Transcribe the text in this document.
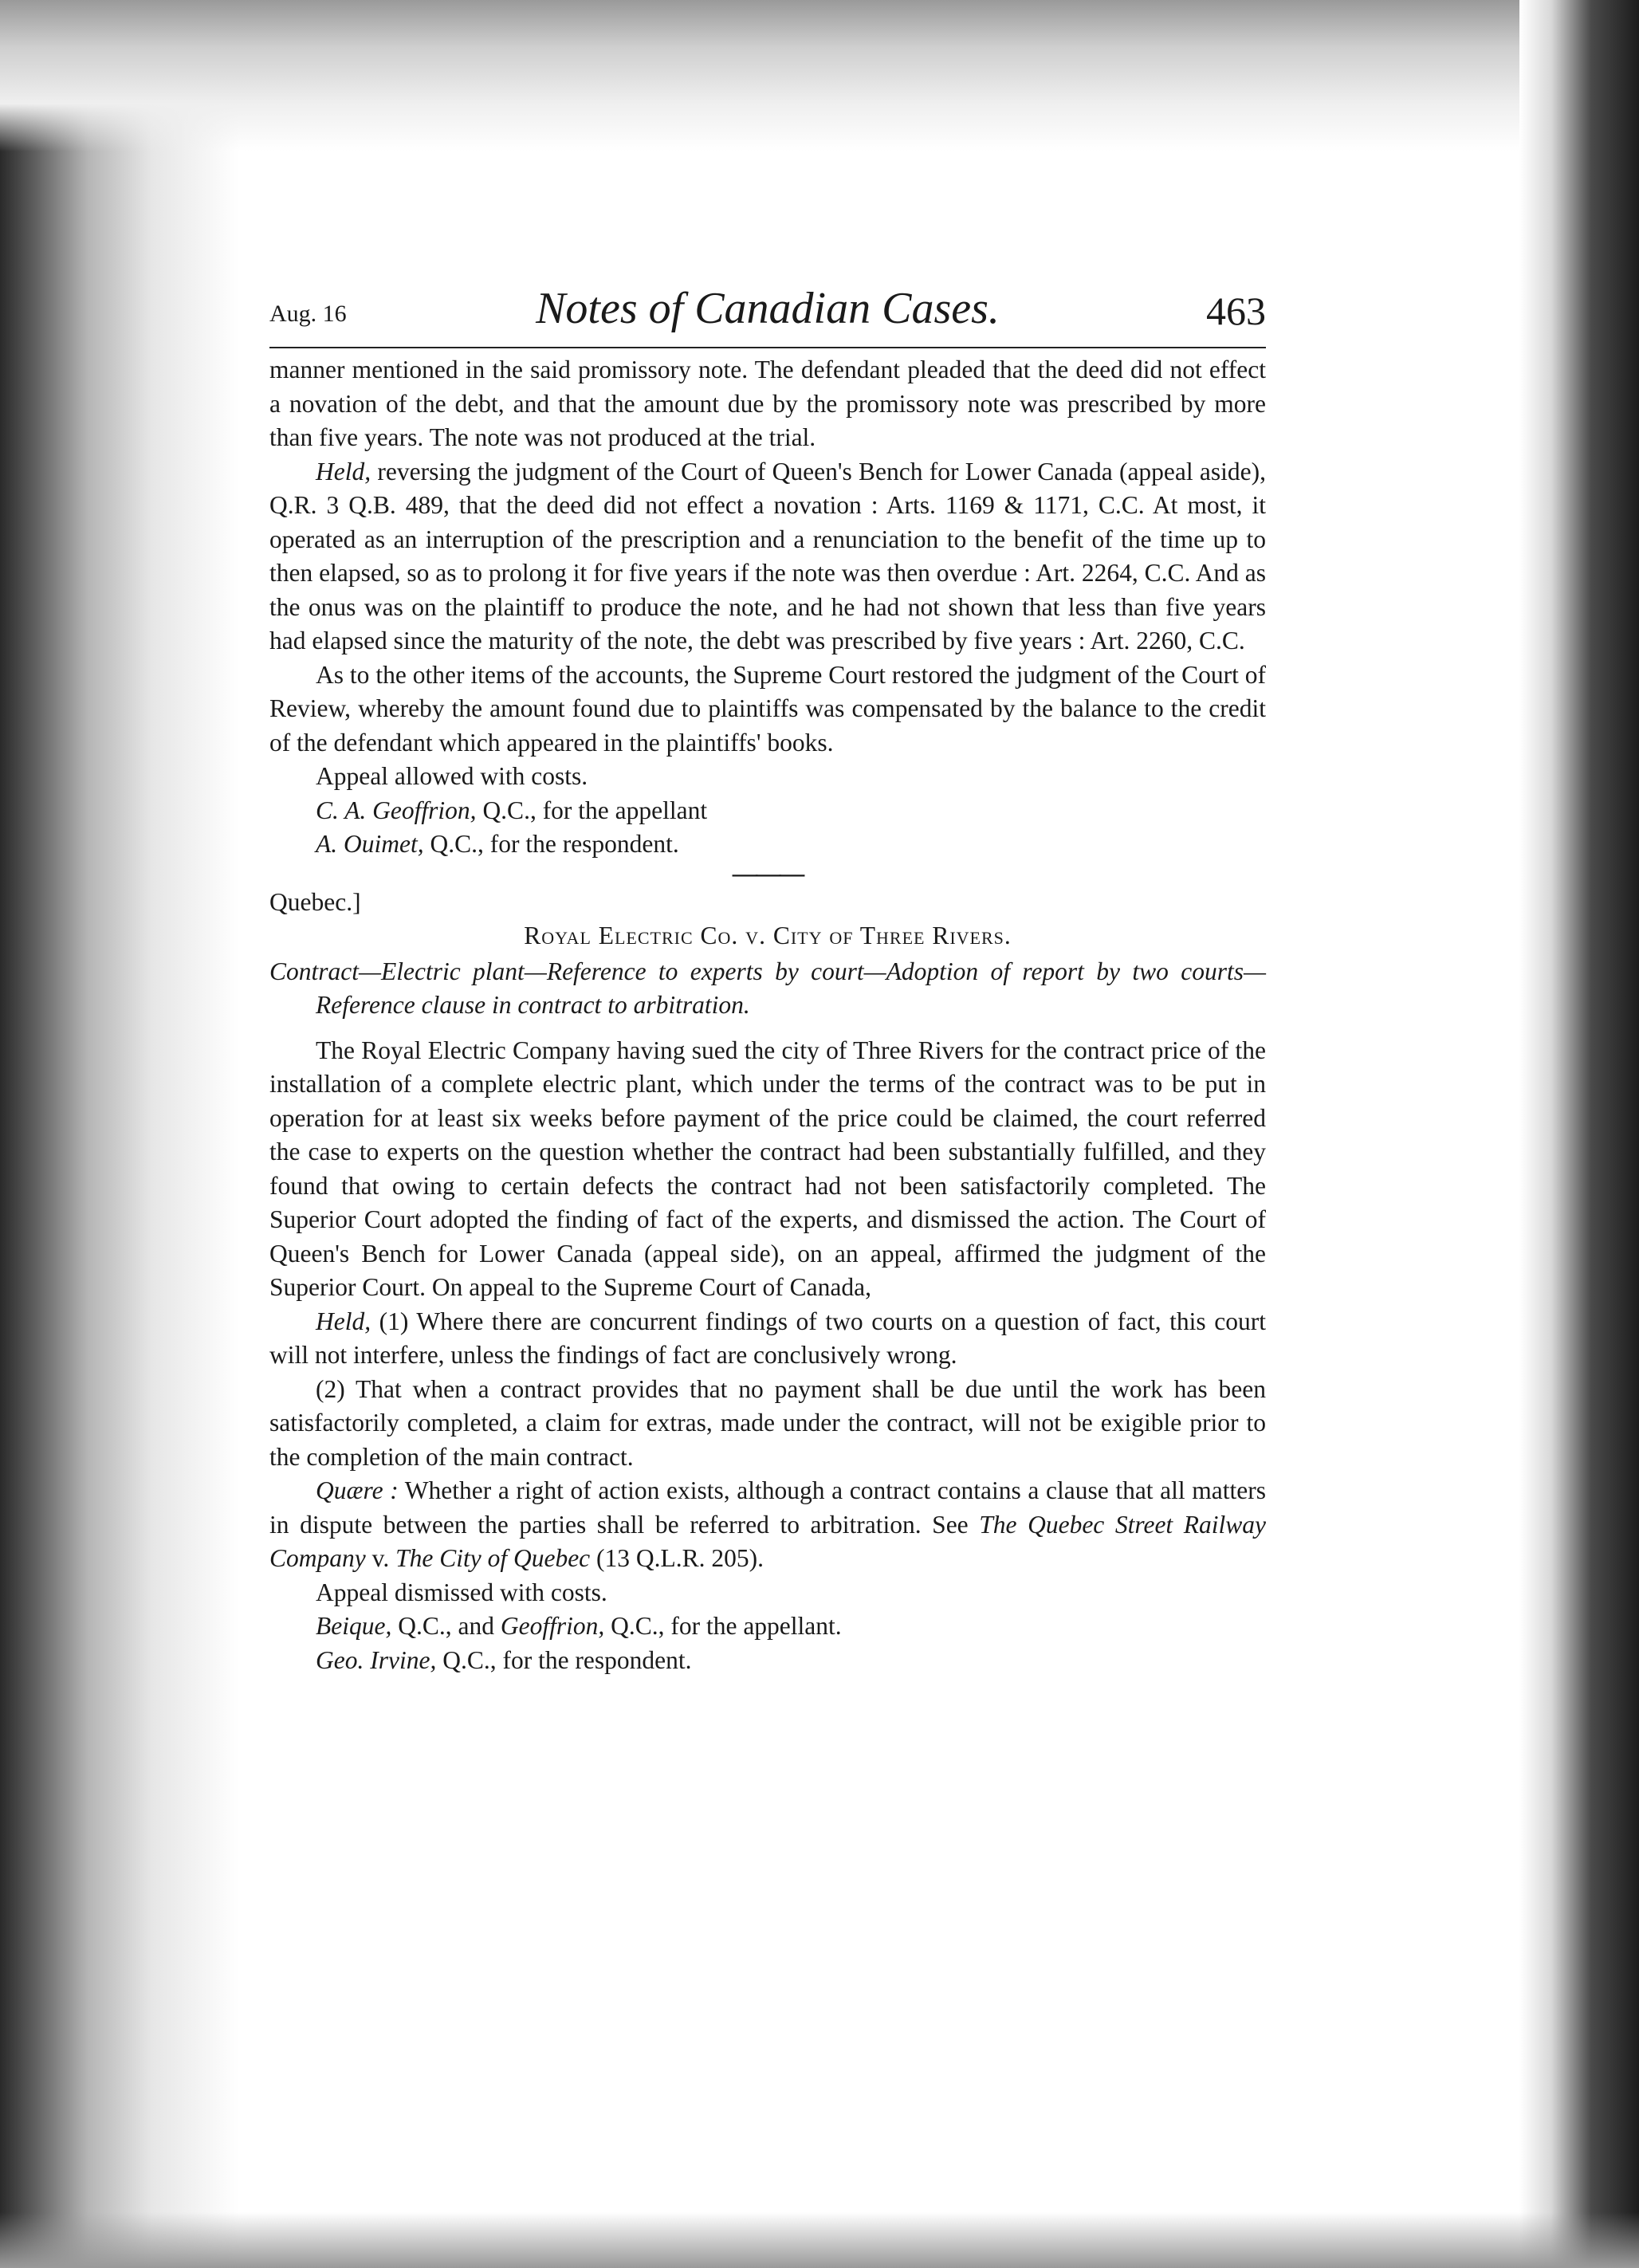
Aug. 16	Notes of Canadian Cases.	463

manner mentioned in the said promissory note. The defendant pleaded that the deed did not effect a novation of the debt, and that the amount due by the promissory note was prescribed by more than five years. The note was not produced at the trial.

Held, reversing the judgment of the Court of Queen's Bench for Lower Canada (appeal aside), Q.R. 3 Q.B. 489, that the deed did not effect a novation : Arts. 1169 & 1171, C.C. At most, it operated as an interruption of the prescription and a renunciation to the benefit of the time up to then elapsed, so as to prolong it for five years if the note was then overdue : Art. 2264, C.C. And as the onus was on the plaintiff to produce the note, and he had not shown that less than five years had elapsed since the maturity of the note, the debt was prescribed by five years : Art. 2260, C.C.

As to the other items of the accounts, the Supreme Court restored the judgment of the Court of Review, whereby the amount found due to plaintiffs was compensated by the balance to the credit of the defendant which appeared in the plaintiffs' books.

Appeal allowed with costs.

C. A. Geoffrion, Q.C., for the appellant

A. Ouimet, Q.C., for the respondent.

———

Quebec.]

Royal Electric Co. v. City of Three Rivers.

Contract—Electric plant—Reference to experts by court—Adoption of report by two courts—Reference clause in contract to arbitration.

The Royal Electric Company having sued the city of Three Rivers for the contract price of the installation of a complete electric plant, which under the terms of the contract was to be put in operation for at least six weeks before payment of the price could be claimed, the court referred the case to experts on the question whether the contract had been substantially fulfilled, and they found that owing to certain defects the contract had not been satisfactorily completed. The Superior Court adopted the finding of fact of the experts, and dismissed the action. The Court of Queen's Bench for Lower Canada (appeal side), on an appeal, affirmed the judgment of the Superior Court. On appeal to the Supreme Court of Canada,

Held, (1) Where there are concurrent findings of two courts on a question of fact, this court will not interfere, unless the findings of fact are conclusively wrong.

(2) That when a contract provides that no payment shall be due until the work has been satisfactorily completed, a claim for extras, made under the contract, will not be exigible prior to the completion of the main contract.

Quære : Whether a right of action exists, although a contract contains a clause that all matters in dispute between the parties shall be referred to arbitration. See The Quebec Street Railway Company v. The City of Quebec (13 Q.L.R. 205).

Appeal dismissed with costs.

Beique, Q.C., and Geoffrion, Q.C., for the appellant.

Geo. Irvine, Q.C., for the respondent.
